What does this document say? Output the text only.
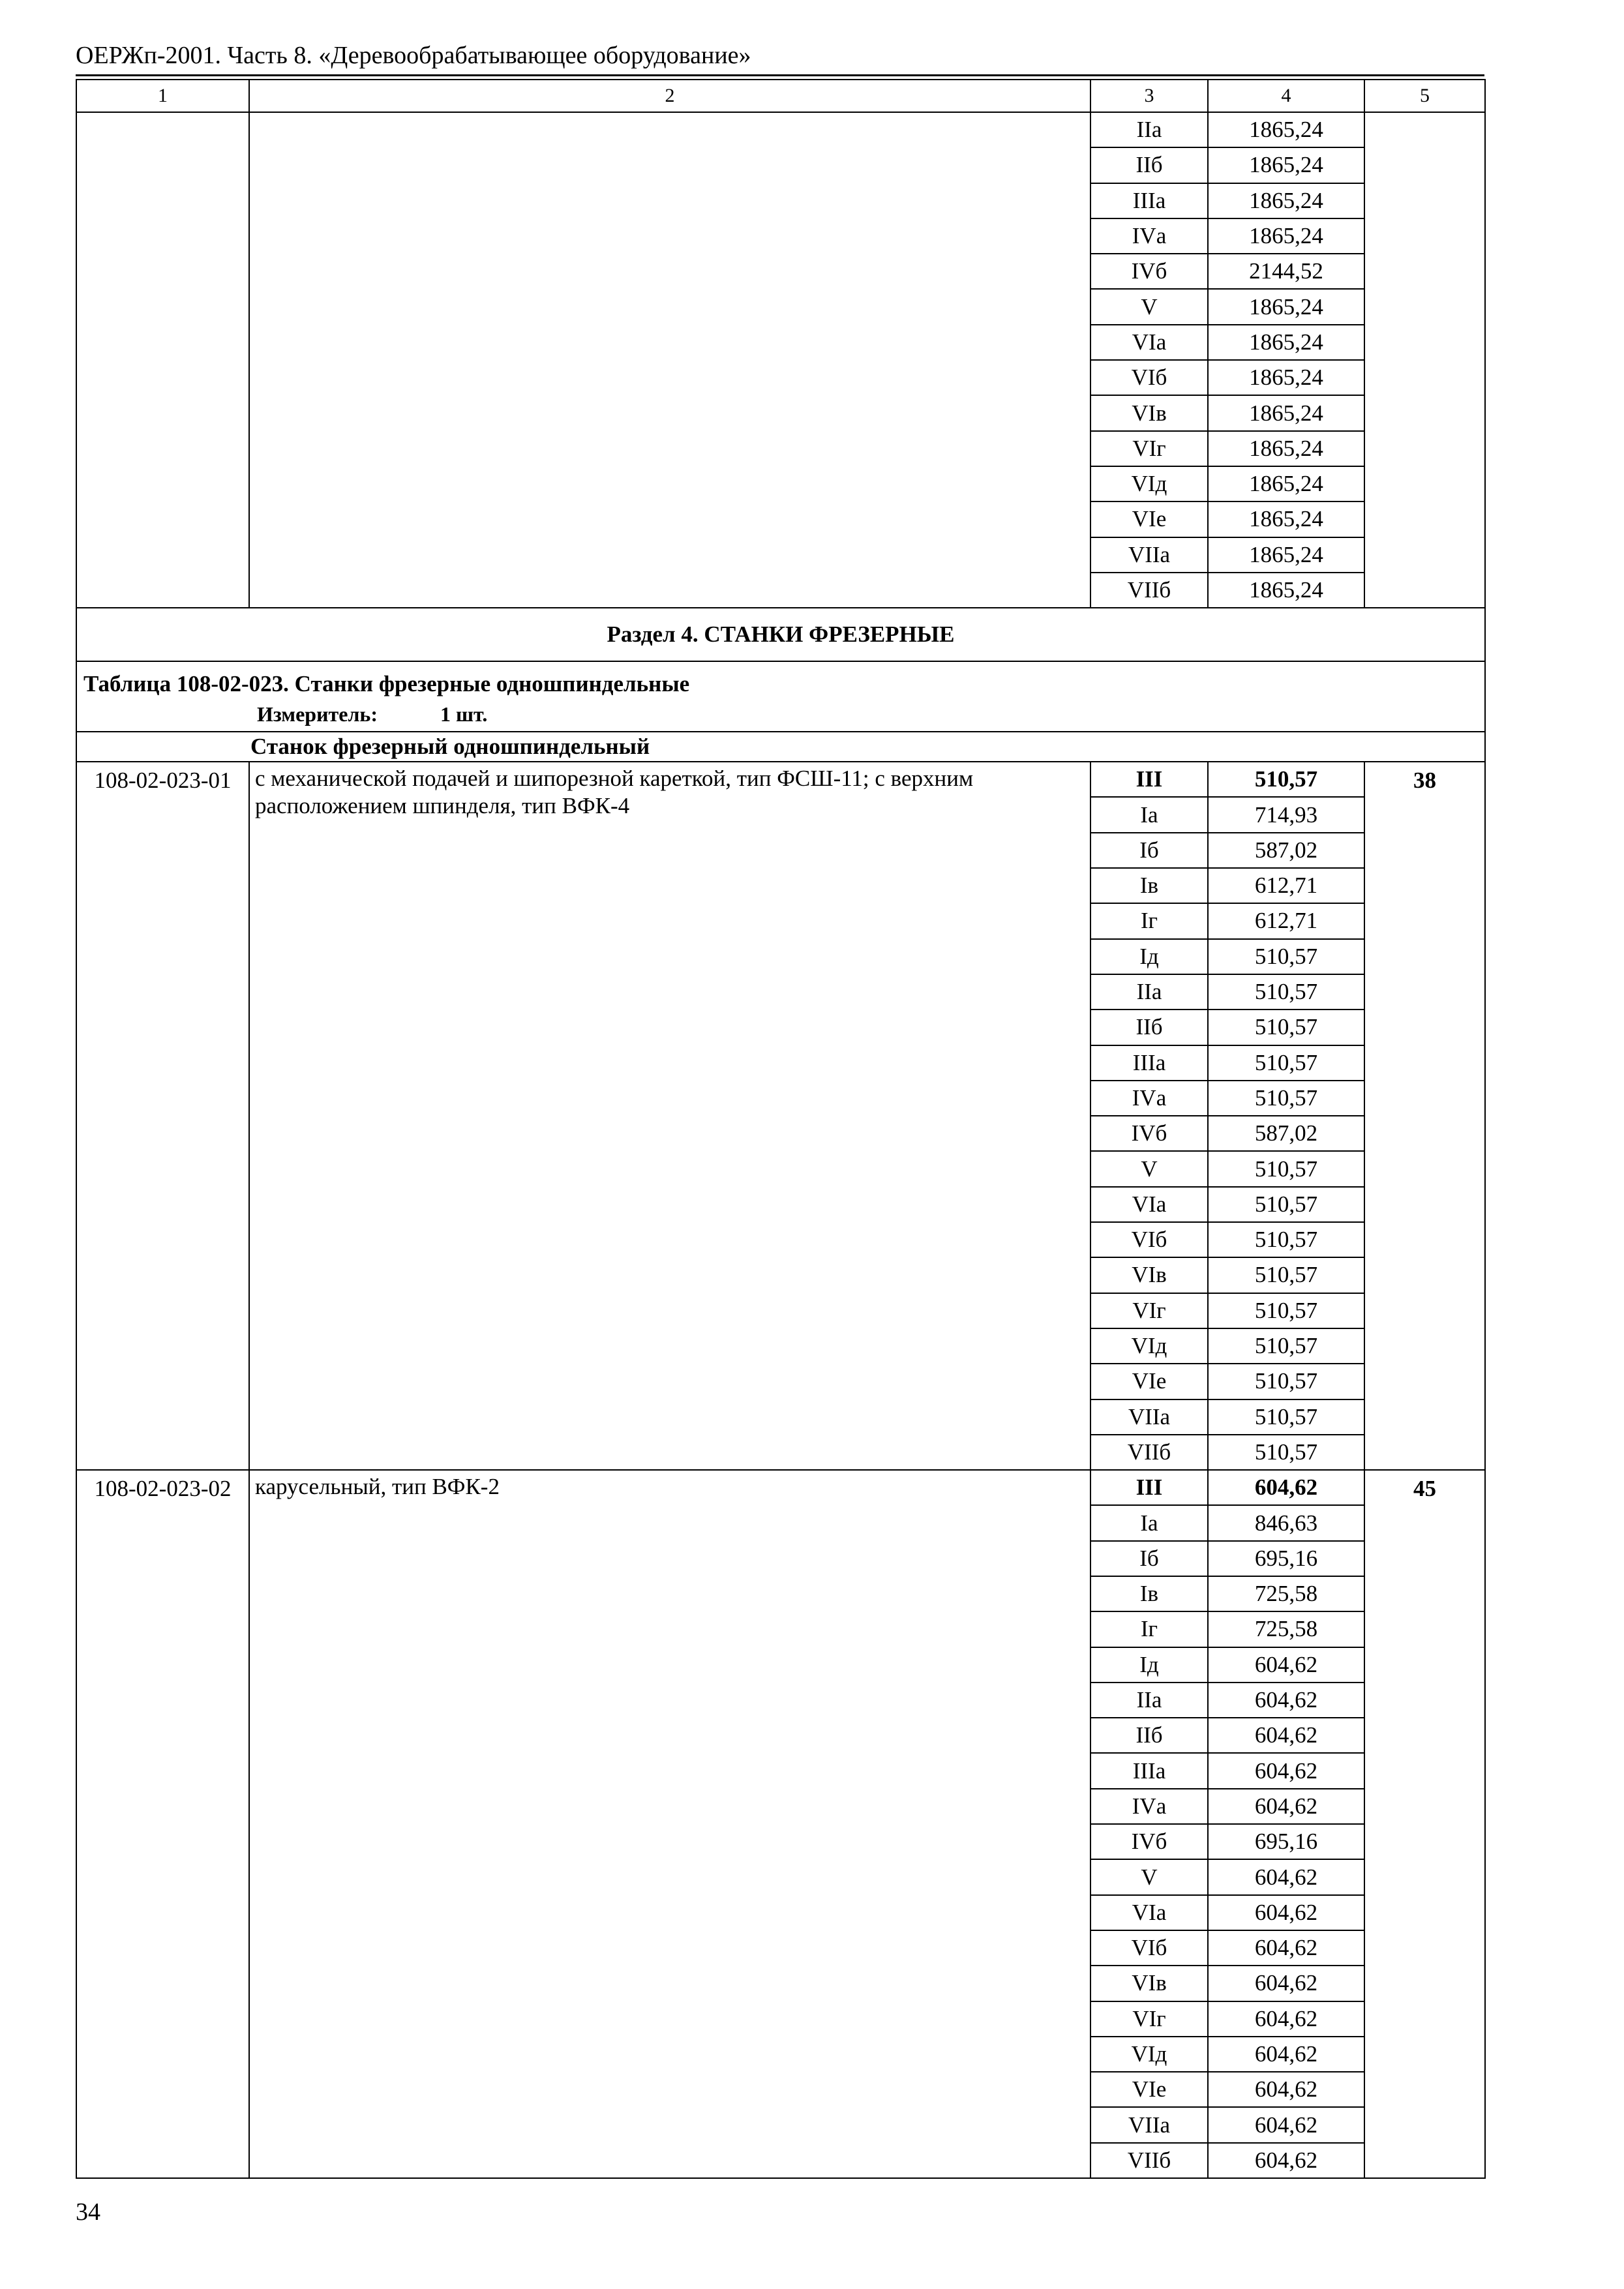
ОЕРЖп-2001. Часть 8. «Деревообрабатывающее оборудование»
1	2	3	4	5
		IIа	1865,24	
		IIб	1865,24	
		IIIа	1865,24	
		IVа	1865,24	
		IVб	2144,52	
		V	1865,24	
		VIа	1865,24	
		VIб	1865,24	
		VIв	1865,24	
		VIг	1865,24	
		VIд	1865,24	
		VIе	1865,24	
		VIIа	1865,24	
		VIIб	1865,24	
Раздел 4. СТАНКИ ФРЕЗЕРНЫЕ				

Таблица 108-02-023. Станки фрезерные одношпиндельные
Измеритель: 1 шт.				

Станок фрезерный одношпиндельный				
108-02-023-01	с механической подачей и шипорезной кареткой, тип ФСШ-11; с верхним расположением шпинделя, тип ВФК-4	III	510,57	38
		Iа	714,93	
		Iб	587,02	
		Iв	612,71	
		Iг	612,71	
		Iд	510,57	
		IIа	510,57	
		IIб	510,57	
		IIIа	510,57	
		IVа	510,57	
		IVб	587,02	
		V	510,57	
		VIа	510,57	
		VIб	510,57	
		VIв	510,57	
		VIг	510,57	
		VIд	510,57	
		VIе	510,57	
		VIIа	510,57	
		VIIб	510,57	
108-02-023-02	карусельный, тип ВФК-2	III	604,62	45
		Iа	846,63	
		Iб	695,16	
		Iв	725,58	
		Iг	725,58	
		Iд	604,62	
		IIа	604,62	
		IIб	604,62	
		IIIа	604,62	
		IVа	604,62	
		IVб	695,16	
		V	604,62	
		VIа	604,62	
		VIб	604,62	
		VIв	604,62	
		VIг	604,62	
		VIд	604,62	
		VIе	604,62	
		VIIа	604,62	
		VIIб	604,62	
34
